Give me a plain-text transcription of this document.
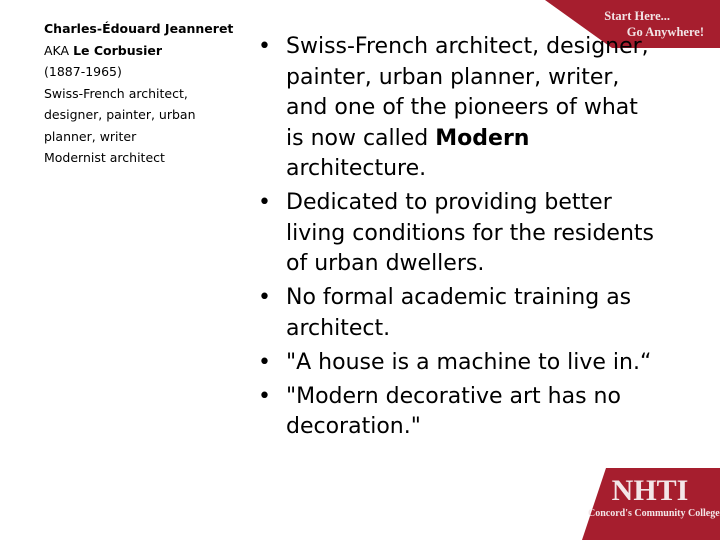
Start Here...
Go Anywhere!
Charles-Édouard Jeanneret
AKA Le Corbusier
(1887-1965)
Swiss-French architect,
designer, painter, urban
planner, writer
Modernist architect
• Swiss-French architect, designer, painter, urban planner, writer, and one of the pioneers of what is now called Modern architecture.
• Dedicated to providing better living conditions for the residents of urban dwellers.
• No formal academic training as architect.
• "A house is a machine to live in.“
• "Modern decorative art has no decoration."
NHTI
Concord's Community College
